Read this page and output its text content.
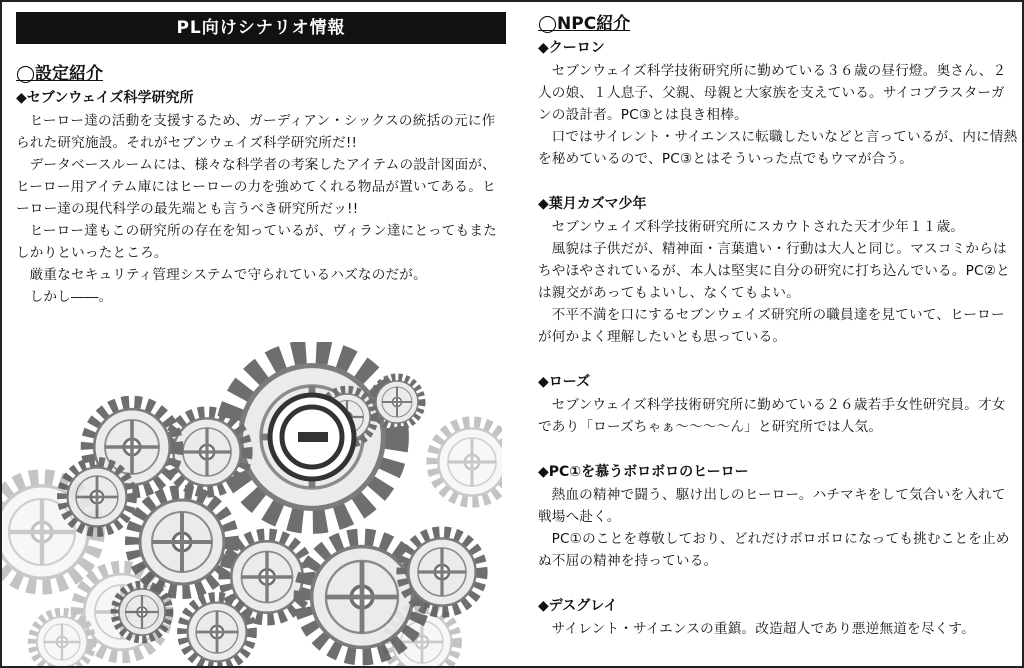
PL向けシナリオ情報
◯設定紹介
◆セブンウェイズ科学研究所

ヒーロー達の活動を支援するため、ガーディアン・シックスの統括の元に作られた研究施設。それがセブンウェイズ科学研究所だ!!

データベースルームには、様々な科学者の考案したアイテムの設計図面が、ヒーロー用アイテム庫にはヒーローの力を強めてくれる物品が置いてある。ヒーロー達の現代科学の最先端とも言うべき研究所だッ!!

ヒーロー達もこの研究所の存在を知っているが、ヴィラン達にとってもまたしかりといったところ。

厳重なセキュリティ管理システムで守られているハズなのだが。

しかし――。

◯NPC紹介
◆クーロン

セブンウェイズ科学技術研究所に勤めている３６歳の昼行燈。奥さん、２人の娘、１人息子、父親、母親と大家族を支えている。サイコブラスターガンの設計者。PC③とは良き相棒。

口ではサイレント・サイエンスに転職したいなどと言っているが、内に情熱を秘めているので、PC③とはそういった点でもウマが合う。

◆葉月カズマ少年

セブンウェイズ科学技術研究所にスカウトされた天才少年１１歳。

風貌は子供だが、精神面・言葉遣い・行動は大人と同じ。マスコミからはちやほやされているが、本人は堅実に自分の研究に打ち込んでいる。PC②とは親交があってもよいし、なくてもよい。

不平不満を口にするセブンウェイズ研究所の職員達を見ていて、ヒーローが何かよく理解したいとも思っている。

◆ローズ

セブンウェイズ科学技術研究所に勤めている２６歳若手女性研究員。才女であり「ローズちゃぁ～～～～ん」と研究所では人気。

◆PC①を慕うボロボロのヒーロー

熱血の精神で闘う、駆け出しのヒーロー。ハチマキをして気合いを入れて戦場へ赴く。

PC①のことを尊敬しており、どれだけボロボロになっても挑むことを止めぬ不屈の精神を持っている。

◆デスグレイ

サイレント・サイエンスの重鎮。改造超人であり悪逆無道を尽くす。
